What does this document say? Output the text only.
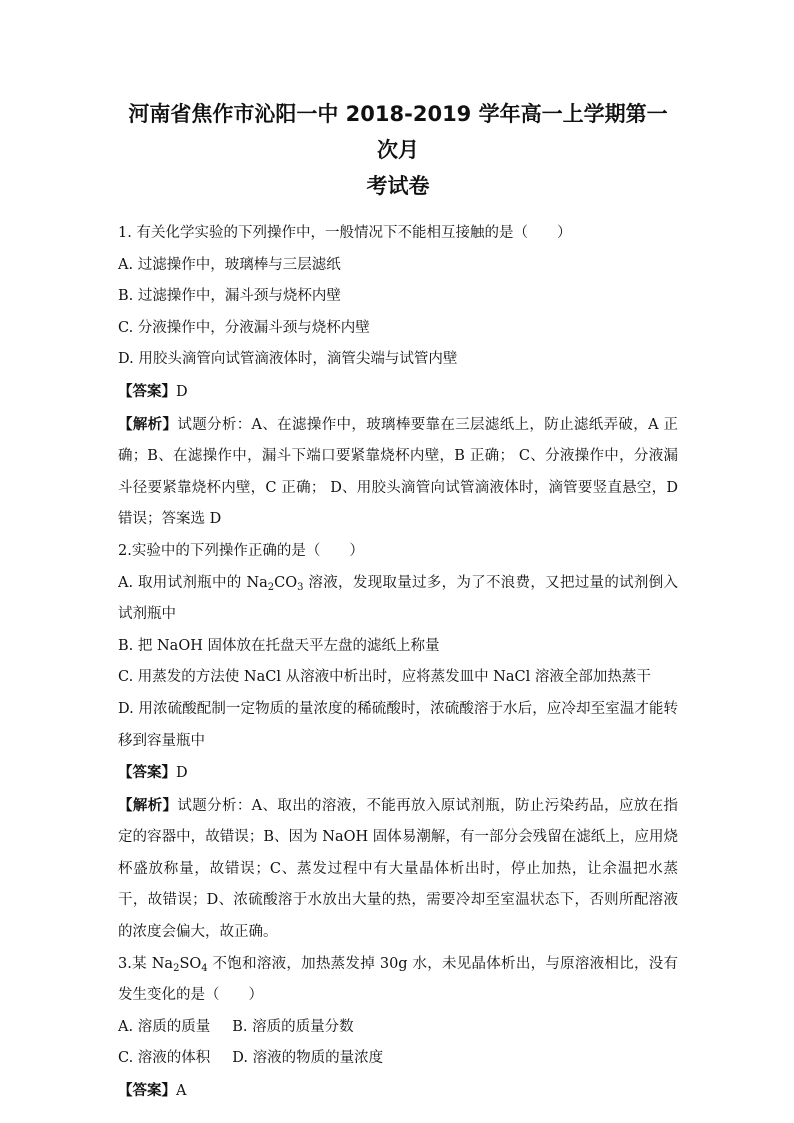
河南省焦作市沁阳一中 2018-2019 学年高一上学期第一次月
考试卷
1. 有关化学实验的下列操作中，一般情况下不能相互接触的是（　　）
A. 过滤操作中，玻璃棒与三层滤纸
B. 过滤操作中，漏斗颈与烧杯内壁
C. 分液操作中，分液漏斗颈与烧杯内壁
D. 用胶头滴管向试管滴液体时，滴管尖端与试管内壁
【答案】D
【解析】试题分析：A、在滤操作中，玻璃棒要靠在三层滤纸上，防止滤纸弄破，A 正确；B、在滤操作中，漏斗下端口要紧靠烧杯内壁，B 正确； C、分液操作中，分液漏斗径要紧靠烧杯内壁，C 正确； D、用胶头滴管向试管滴液体时，滴管要竖直悬空，D 错误；答案选 D
2.实验中的下列操作正确的是（　　）
A. 取用试剂瓶中的 $Na_2CO_3$ 溶液，发现取量过多，为了不浪费，又把过量的试剂倒入试剂瓶中
B. 把 NaOH 固体放在托盘天平左盘的滤纸上称量
C. 用蒸发的方法使 NaCl 从溶液中析出时，应将蒸发皿中 NaCl 溶液全部加热蒸干
D. 用浓硫酸配制一定物质的量浓度的稀硫酸时，浓硫酸溶于水后，应冷却至室温才能转移到容量瓶中
【答案】D
【解析】试题分析：A、取出的溶液，不能再放入原试剂瓶，防止污染药品，应放在指定的容器中，故错误；B、因为 NaOH 固体易潮解，有一部分会残留在滤纸上，应用烧杯盛放称量，故错误；C、蒸发过程中有大量晶体析出时，停止加热，让余温把水蒸干，故错误；D、浓硫酸溶于水放出大量的热，需要冷却至室温状态下，否则所配溶液的浓度会偏大，故正确。
3.某 $Na_2SO_4$ 不饱和溶液，加热蒸发掉 30g 水，未见晶体析出，与原溶液相比，没有发生变化的是（　　）
A. 溶质的质量 B. 溶质的质量分数
C. 溶液的体积 D. 溶液的物质的量浓度
【答案】A
